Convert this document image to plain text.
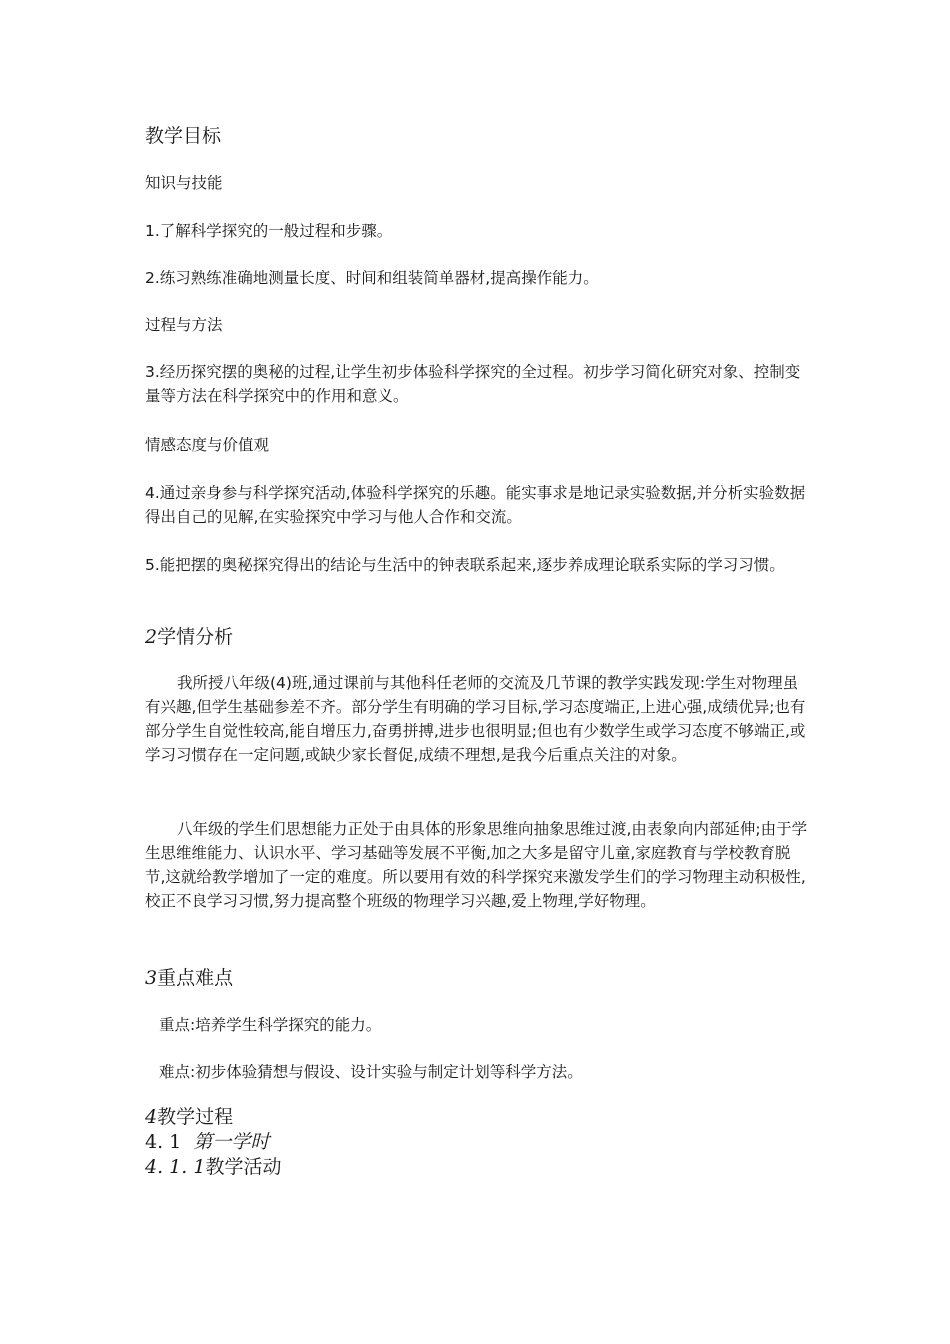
教学目标
知识与技能

1.了解科学探究的一般过程和步骤。

2.练习熟练准确地测量长度、时间和组装简单器材,提高操作能力。

过程与方法

3.经历探究摆的奥秘的过程,让学生初步体验科学探究的全过程。初步学习简化研究对象、控制变量等方法在科学探究中的作用和意义。

情感态度与价值观

4.通过亲身参与科学探究活动,体验科学探究的乐趣。能实事求是地记录实验数据,并分析实验数据得出自己的见解,在实验探究中学习与他人合作和交流。

5.能把摆的奥秘探究得出的结论与生活中的钟表联系起来,逐步养成理论联系实际的学习习惯。

2学情分析

我所授八年级(4)班,通过课前与其他科任老师的交流及几节课的教学实践发现:学生对物理虽有兴趣,但学生基础参差不齐。部分学生有明确的学习目标,学习态度端正,上进心强,成绩优异;也有部分学生自觉性较高,能自增压力,奋勇拼搏,进步也很明显;但也有少数学生或学习态度不够端正,或学习习惯存在一定问题,或缺少家长督促,成绩不理想,是我今后重点关注的对象。

八年级的学生们思想能力正处于由具体的形象思维向抽象思维过渡,由表象向内部延伸;由于学生思维维能力、认识水平、学习基础等发展不平衡,加之大多是留守儿童,家庭教育与学校教育脱节,这就给教学增加了一定的难度。所以要用有效的科学探究来激发学生们的学习物理主动积极性,校正不良学习习惯,努力提高整个班级的物理学习兴趣,爱上物理,学好物理。

3重点难点

重点:培养学生科学探究的能力。

难点:初步体验猜想与假设、设计实验与制定计划等科学方法。

4教学过程
4. 1 第一学时
4. 1. 1教学活动
